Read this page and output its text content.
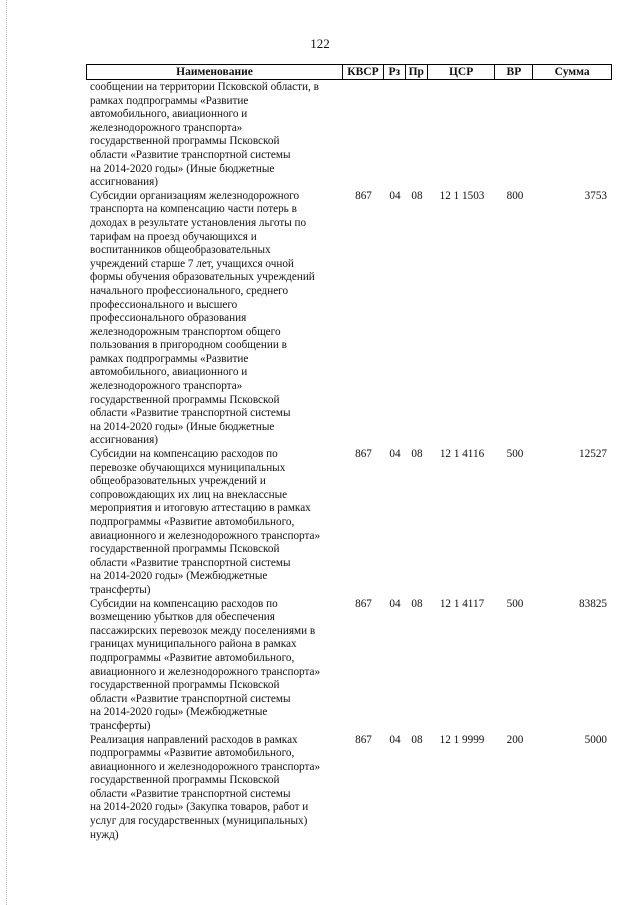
122
Наименование	КВСР Рз Пр	ЦСР	ВР	Сумма
сообщении на территории Псковской области, в
рамках подпрограммы «Развитие
автомобильного, авиационного и
железнодорожного транспорта»
государственной программы Псковской
области «Развитие транспортной системы
на 2014-2020 годы» (Иные бюджетные
ассигнования)
Субсидии организациям железнодорожного
транспорта на компенсацию части потерь в
доходах в результате установления льготы по
тарифам на проезд обучающихся и
воспитанников общеобразовательных
учреждений старше 7 лет, учащихся очной
формы обучения образовательных учреждений
начального профессионального, среднего
профессионального и высшего
профессионального образования
железнодорожным транспортом общего
пользования в пригородном сообщении в
рамках подпрограммы «Развитие
автомобильного, авиационного и
железнодорожного транспорта»
государственной программы Псковской
области «Развитие транспортной системы
на 2014-2020 годы» (Иные бюджетные
ассигнования)
867	04 08	12 1 1503	800	3753
Субсидии на компенсацию расходов по
перевозке обучающихся муниципальных
общеобразовательных учреждений и
сопровождающих их лиц на внеклассные
мероприятия и итоговую аттестацию в рамках
подпрограммы «Развитие автомобильного,
авиационного и железнодорожного транспорта»
государственной программы Псковской
области «Развитие транспортной системы
на 2014-2020 годы» (Межбюджетные
трансферты)
867	04 08	12 1 4116	500	12527
Субсидии на компенсацию расходов по
возмещению убытков для обеспечения
пассажирских перевозок между поселениями в
границах муниципального района в рамках
подпрограммы «Развитие автомобильного,
авиационного и железнодорожного транспорта»
государственной программы Псковской
области «Развитие транспортной системы
на 2014-2020 годы» (Межбюджетные
трансферты)
867	04 08	12 1 4117	500	83825
Реализация направлений расходов в рамках
подпрограммы «Развитие автомобильного,
авиационного и железнодорожного транспорта»
государственной программы Псковской
области «Развитие транспортной системы
на 2014-2020 годы» (Закупка товаров, работ и
услуг для государственных (муниципальных)
нужд)
867	04 08	12 1 9999	200	5000
